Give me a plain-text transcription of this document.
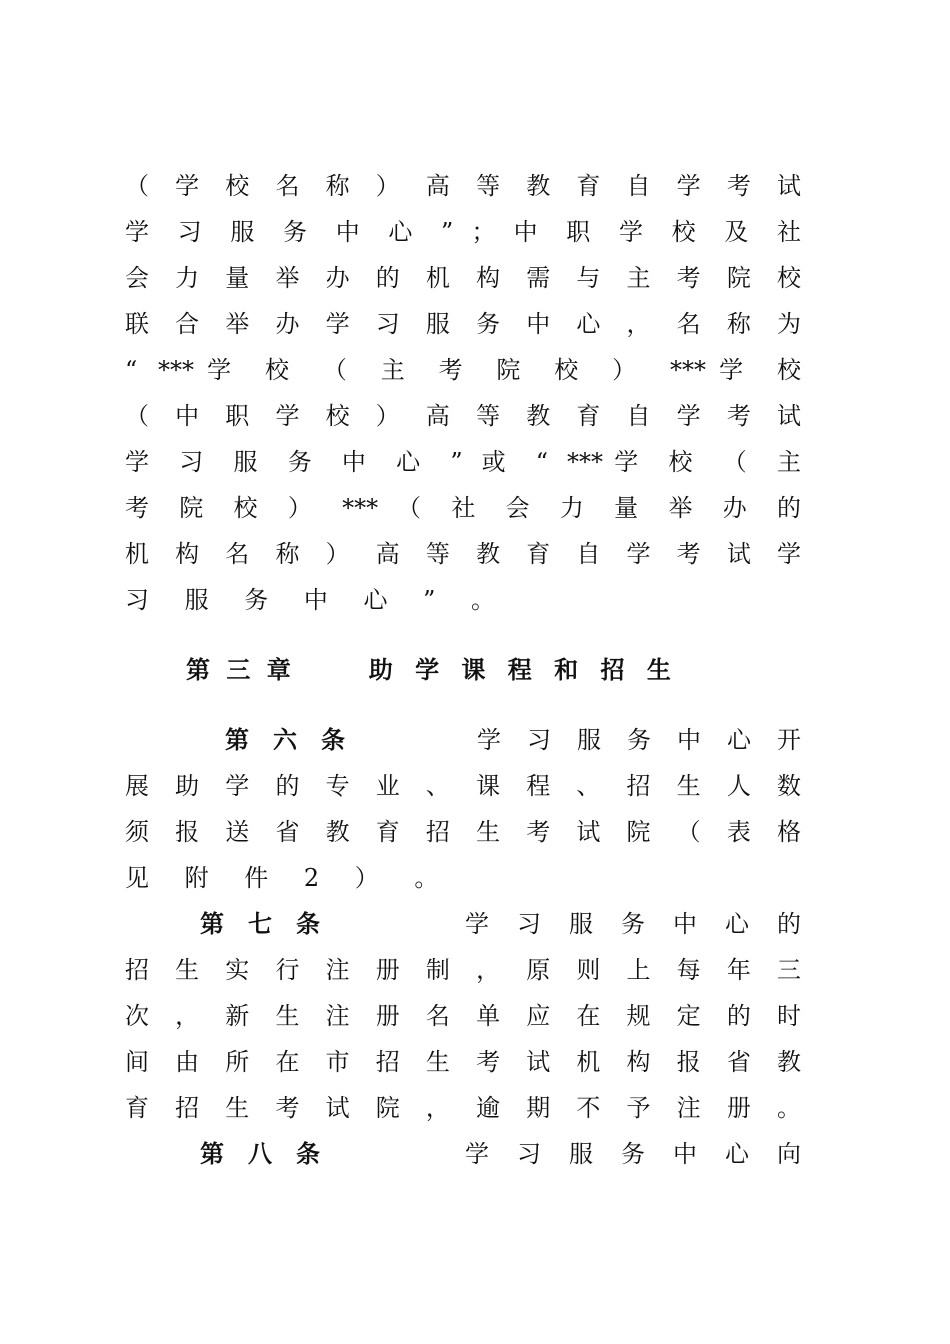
（ 学 校 名 称 ） 高 等 教 育 自 学 考 试
学 习 服 务 中 心 ” ； 中 职 学 校 及 社
会 力 量 举 办 的 机 构 需 与 主 考 院 校
联 合 举 办 学 习 服 务 中 心 ， 名 称 为
“ ***学 校 （ 主 考 院 校 ） ***学 校
（ 中 职 学 校 ） 高 等 教 育 自 学 考 试
学 习 服 务 中 心 ” 或 “ ***学 校 （ 主
考 院 校 ） *** （ 社 会 力 量 举 办 的
机 构 名 称 ） 高 等 教 育 自 学 考 试 学
习 服 务 中 心 ” 。
第 三 章	助 学 课 程 和 招 生
第　六　条	学 习 服 务 中 心 开
展 助 学 的 专 业 、 课 程 、 招 生 人 数
须 报 送 省 教 育 招 生 考 试 院 （ 表 格
见 附 件 2 ） 。
第　七　条	学 习 服 务 中 心 的
招 生 实 行 注 册 制 ， 原 则 上 每 年 三
次 ， 新 生 注 册 名 单 应 在 规 定 的 时
间 由 所 在 市 招 生 考 试 机 构 报 省 教
育 招 生 考 试 院 ， 逾 期 不 予 注 册 。
第　八　条	学 习 服 务 中 心 向
